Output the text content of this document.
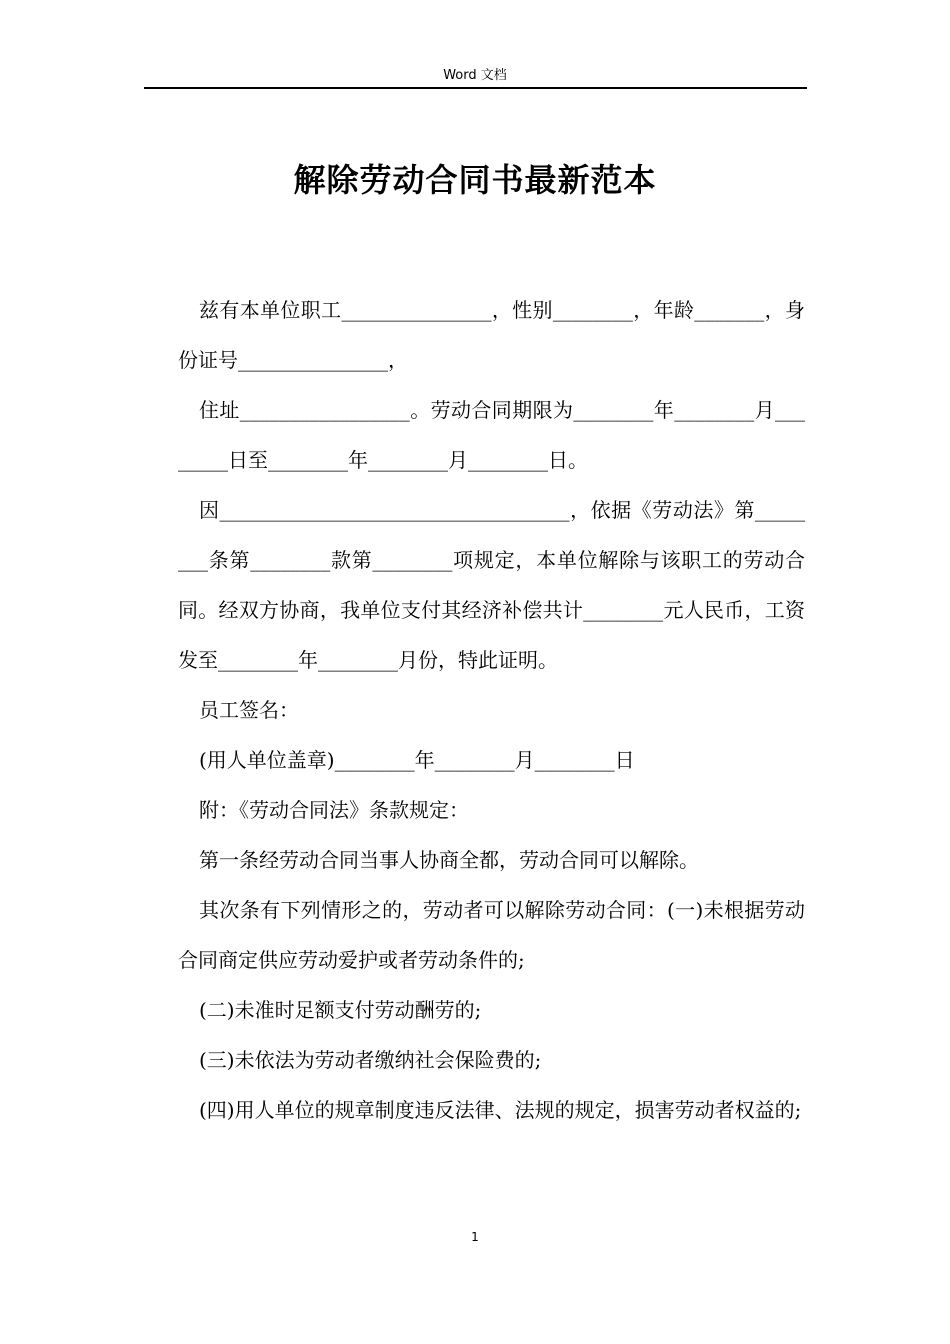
Word 文档
解除劳动合同书最新范本

兹有本单位职工_______________，性别________，年龄_______，身份证号_______________，

住址_________________。劳动合同期限为________年________月________日至________年________月________日。

因___________________________________，依据《劳动法》第________条第________款第________项规定，本单位解除与该职工的劳动合同。经双方协商，我单位支付其经济补偿共计________元人民币，工资发至________年________月份，特此证明。

员工签名：

(用人单位盖章)________年________月________日

附：《劳动合同法》条款规定：

第一条经劳动合同当事人协商全都，劳动合同可以解除。

其次条有下列情形之的，劳动者可以解除劳动合同：(一)未根据劳动合同商定供应劳动爱护或者劳动条件的;

(二)未准时足额支付劳动酬劳的;

(三)未依法为劳动者缴纳社会保险费的;

(四)用人单位的规章制度违反法律、法规的规定，损害劳动者权益的;

1
